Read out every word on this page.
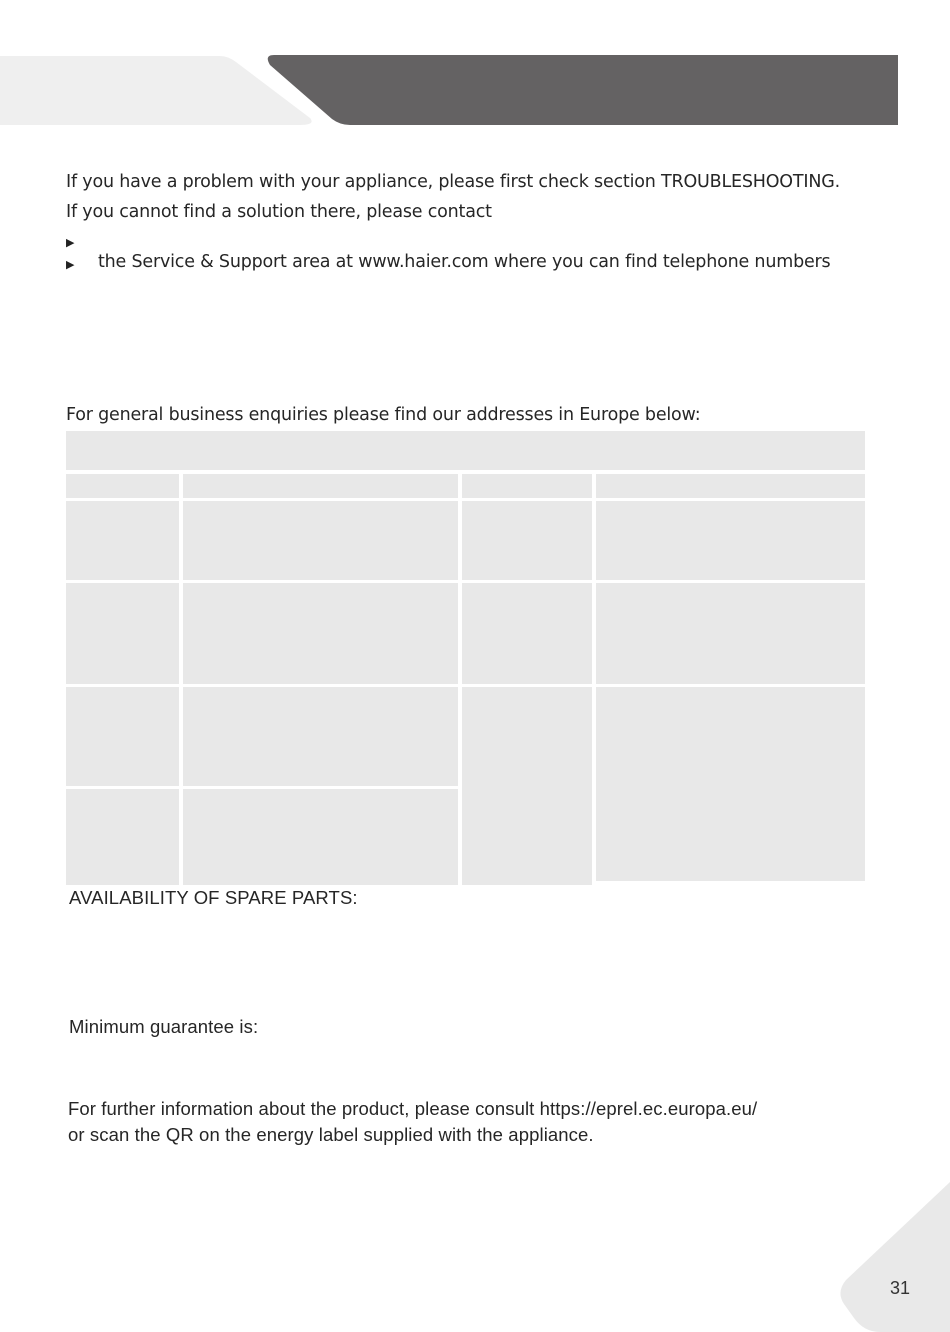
If you have a problem with your appliance, please first check section TROUBLESHOOTING.
If you cannot find a solution there, please contact
▶
▶ the Service & Support area at www.haier.com where you can find telephone numbers
For general business enquiries please find our addresses in Europe below:
AVAILABILITY OF SPARE PARTS:
Minimum guarantee is:
For further information about the product, please consult https://eprel.ec.europa.eu/
or scan the QR on the energy label supplied with the appliance.
31
